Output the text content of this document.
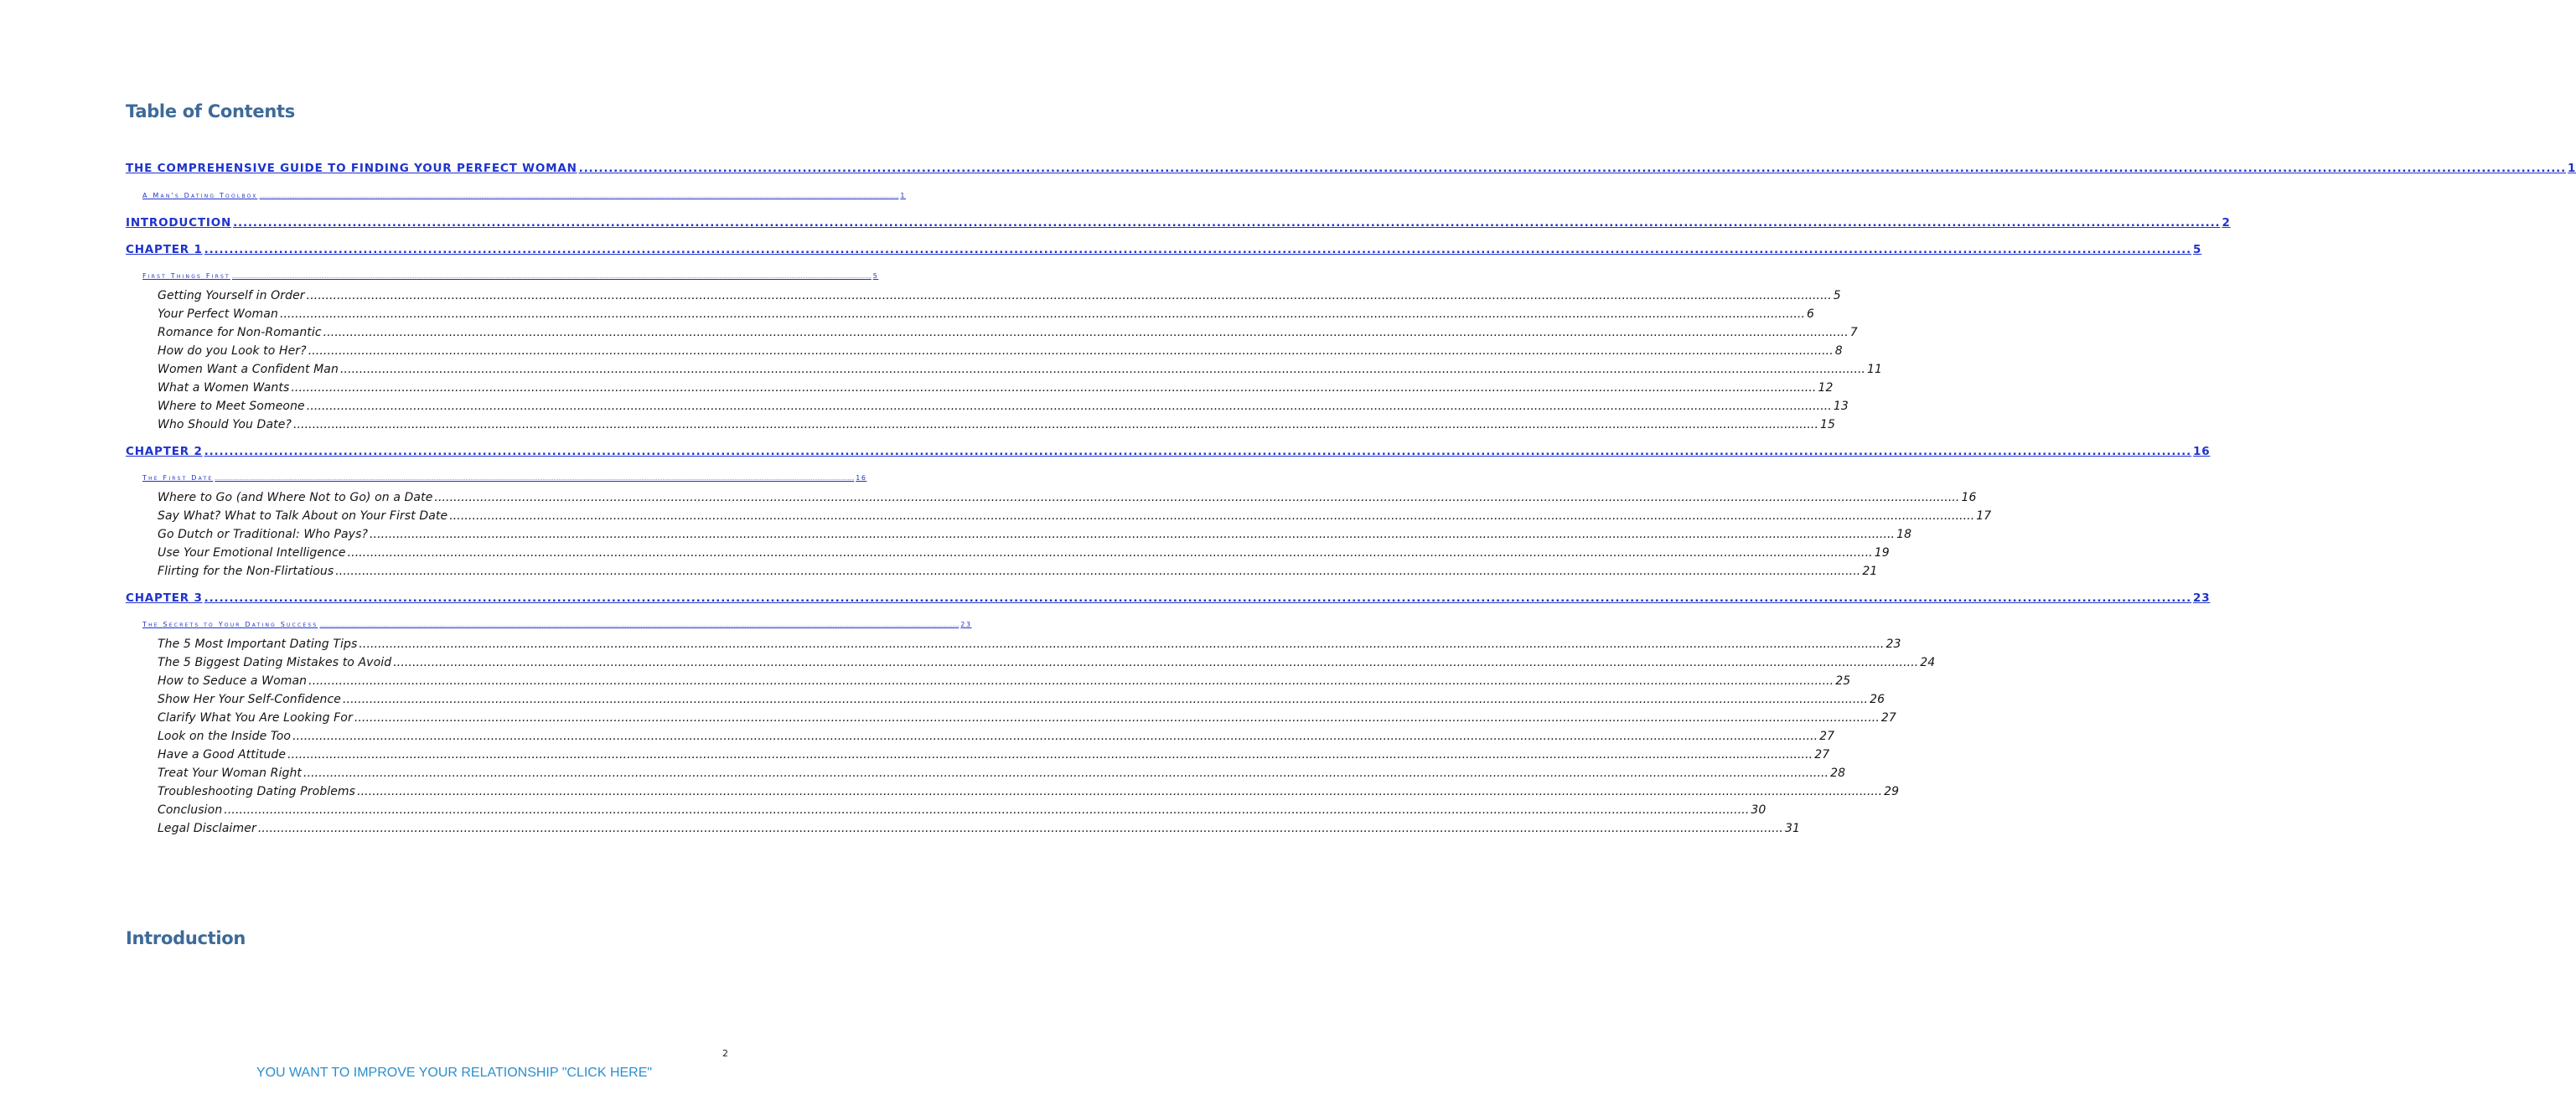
Table of Contents
THE COMPREHENSIVE GUIDE TO FINDING YOUR PERFECT WOMAN ................................................................................................................................................................................................................................................................................................................................................................................................................ 1
A Man's Dating Toolbox ................................................................................................................................................................................................................................................................................................................................................................................................................ 1
INTRODUCTION ................................................................................................................................................................................................................................................................................................................................................................................................................ 2
CHAPTER 1 ................................................................................................................................................................................................................................................................................................................................................................................................................ 5
First Things First ................................................................................................................................................................................................................................................................................................................................................................................................................ 5
Getting Yourself in Order ................................................................................................................................................................................................................................................................................................................................................................................................................ 5
Your Perfect Woman ................................................................................................................................................................................................................................................................................................................................................................................................................ 6
Romance for Non-Romantic ................................................................................................................................................................................................................................................................................................................................................................................................................ 7
How do you Look to Her? ................................................................................................................................................................................................................................................................................................................................................................................................................ 8
Women Want a Confident Man ................................................................................................................................................................................................................................................................................................................................................................................................................ 11
What a Women Wants ................................................................................................................................................................................................................................................................................................................................................................................................................ 12
Where to Meet Someone ................................................................................................................................................................................................................................................................................................................................................................................................................ 13
Who Should You Date? ................................................................................................................................................................................................................................................................................................................................................................................................................ 15
CHAPTER 2 ................................................................................................................................................................................................................................................................................................................................................................................................................ 16
The First Date ................................................................................................................................................................................................................................................................................................................................................................................................................ 16
Where to Go (and Where Not to Go) on a Date ................................................................................................................................................................................................................................................................................................................................................................................................................ 16
Say What? What to Talk About on Your First Date ................................................................................................................................................................................................................................................................................................................................................................................................................ 17
Go Dutch or Traditional: Who Pays? ................................................................................................................................................................................................................................................................................................................................................................................................................ 18
Use Your Emotional Intelligence ................................................................................................................................................................................................................................................................................................................................................................................................................ 19
Flirting for the Non-Flirtatious ................................................................................................................................................................................................................................................................................................................................................................................................................ 21
CHAPTER 3 ................................................................................................................................................................................................................................................................................................................................................................................................................ 23
The Secrets to Your Dating Success ................................................................................................................................................................................................................................................................................................................................................................................................................ 23
The 5 Most Important Dating Tips ................................................................................................................................................................................................................................................................................................................................................................................................................ 23
The 5 Biggest Dating Mistakes to Avoid ................................................................................................................................................................................................................................................................................................................................................................................................................ 24
How to Seduce a Woman ................................................................................................................................................................................................................................................................................................................................................................................................................ 25
Show Her Your Self-Confidence ................................................................................................................................................................................................................................................................................................................................................................................................................ 26
Clarify What You Are Looking For ................................................................................................................................................................................................................................................................................................................................................................................................................ 27
Look on the Inside Too ................................................................................................................................................................................................................................................................................................................................................................................................................ 27
Have a Good Attitude ................................................................................................................................................................................................................................................................................................................................................................................................................ 27
Treat Your Woman Right ................................................................................................................................................................................................................................................................................................................................................................................................................ 28
Troubleshooting Dating Problems ................................................................................................................................................................................................................................................................................................................................................................................................................ 29
Conclusion ................................................................................................................................................................................................................................................................................................................................................................................................................ 30
Legal Disclaimer ................................................................................................................................................................................................................................................................................................................................................................................................................ 31
Introduction
2
YOU WANT TO IMPROVE YOUR RELATIONSHIP "CLICK HERE"
